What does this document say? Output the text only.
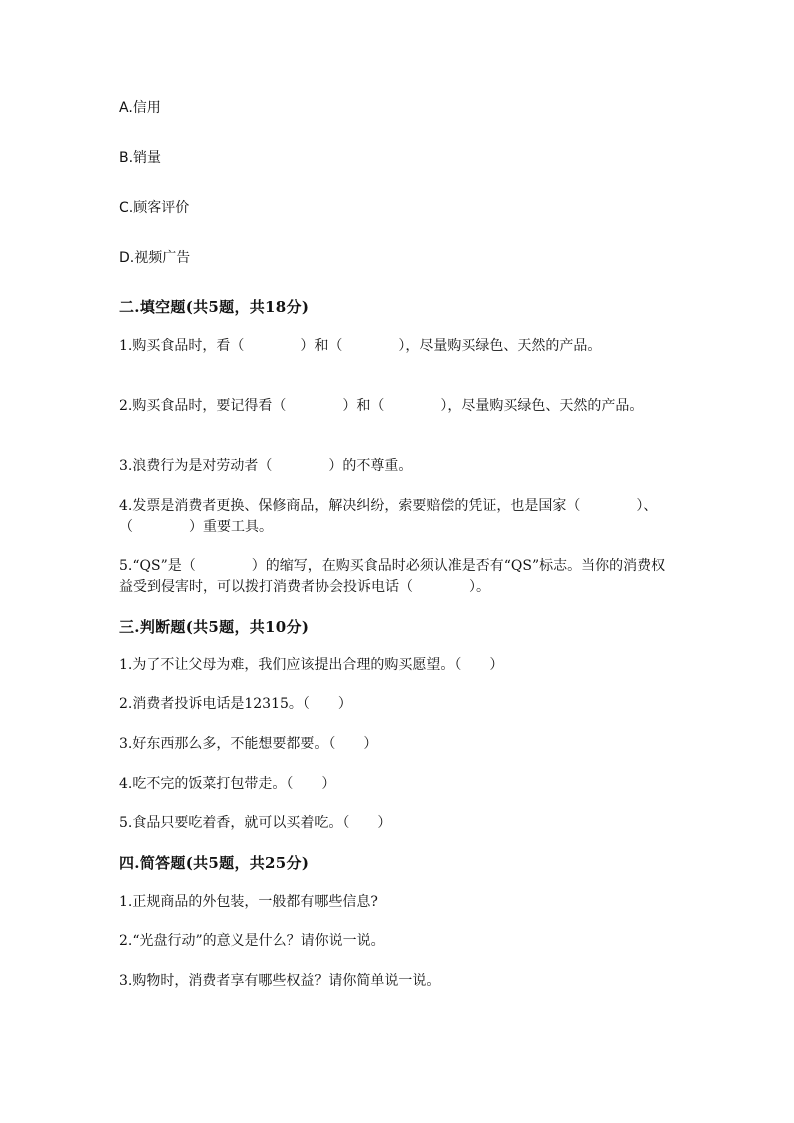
A.信用
B.销量
C.顾客评价
D.视频广告
二.填空题(共5题，共18分)
1.购买食品时，看（　　　　）和（　　　　），尽量购买绿色、天然的产品。
2.购买食品时，要记得看（　　　　）和（　　　　），尽量购买绿色、天然的产品。
3.浪费行为是对劳动者（　　　　）的不尊重。
4.发票是消费者更换、保修商品，解决纠纷，索要赔偿的凭证，也是国家（　　　　）、（　　　　）重要工具。
5.“QS”是（　　　　）的缩写，在购买食品时必须认准是否有“QS”标志。当你的消费权益受到侵害时，可以拨打消费者协会投诉电话（　　　　）。
三.判断题(共5题，共10分)
1.为了不让父母为难，我们应该提出合理的购买愿望。（　　）
2.消费者投诉电话是12315。（　　）
3.好东西那么多，不能想要都要。（　　）
4.吃不完的饭菜打包带走。（　　）
5.食品只要吃着香，就可以买着吃。（　　）
四.简答题(共5题，共25分)
1.正规商品的外包装，一般都有哪些信息?
2.“光盘行动”的意义是什么？请你说一说。
3.购物时，消费者享有哪些权益？请你简单说一说。
